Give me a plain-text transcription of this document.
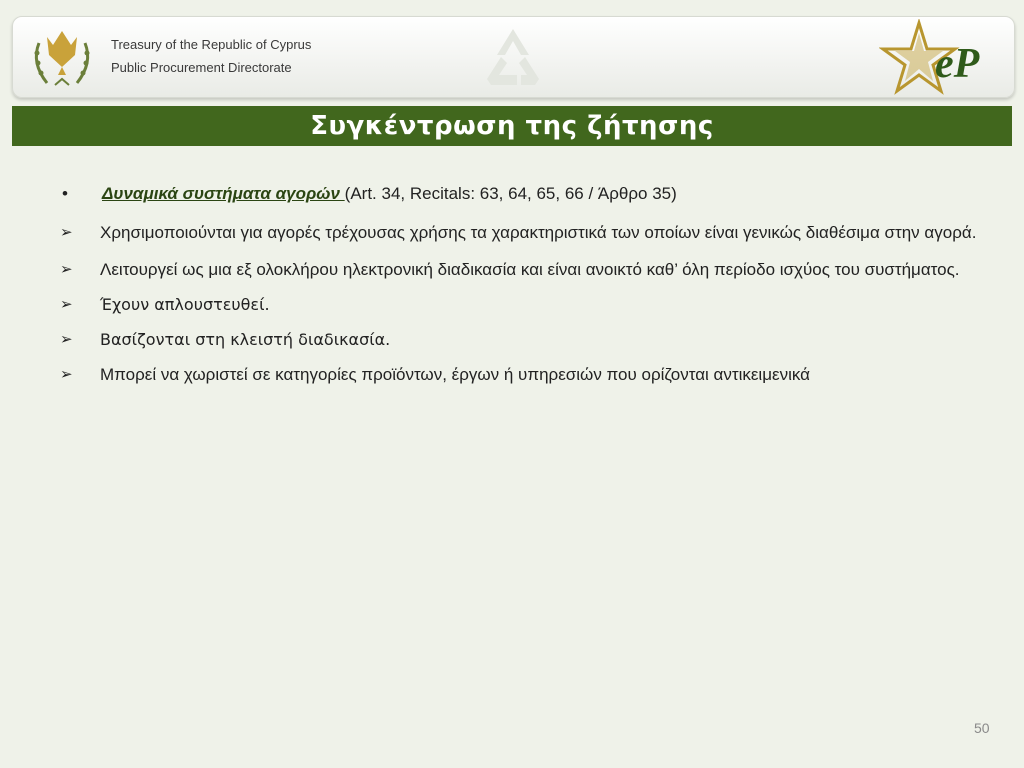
Treasury of the Republic of Cyprus
Public Procurement Directorate	eP
Συγκέντρωση της ζήτησης
•	Δυναμικά συστήματα αγορών (Art. 34, Recitals: 63, 64, 65, 66 / Άρθρο 35)
➢	Χρησιμοποιούνται για αγορές τρέχουσας χρήσης τα χαρακτηριστικά των οποίων είναι γενικώς διαθέσιμα στην αγορά.
➢	Λειτουργεί ως μια εξ ολοκλήρου ηλεκτρονική διαδικασία και είναι ανοικτό καθ’ όλη περίοδο ισχύος του συστήματος.
➢	Έχουν απλουστευθεί.
➢	Βασίζονται στη κλειστή διαδικασία.
➢	Μπορεί να χωριστεί σε κατηγορίες προϊόντων, έργων ή υπηρεσιών που ορίζονται αντικειμενικά
50
